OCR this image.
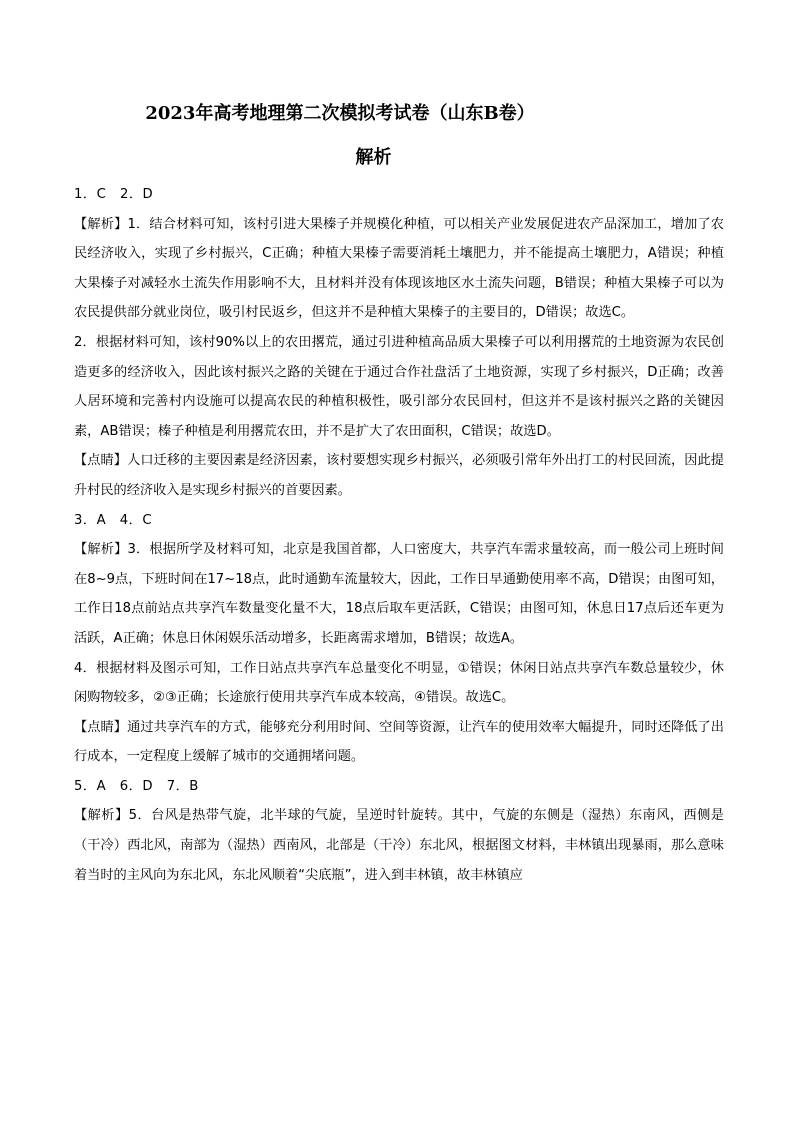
2023年高考地理第二次模拟考试卷（山东B卷）
解析

1．C　2．D

【解析】1．结合材料可知，该村引进大果榛子并规模化种植，可以相关产业发展促进农产品深加工，增加了农民经济收入，实现了乡村振兴，C正确；种植大果榛子需要消耗土壤肥力，并不能提高土壤肥力，A错误；种植大果榛子对减轻水土流失作用影响不大，且材料并没有体现该地区水土流失问题，B错误；种植大果榛子可以为农民提供部分就业岗位，吸引村民返乡，但这并不是种植大果榛子的主要目的，D错误；故选C。

2．根据材料可知，该村90%以上的农田撂荒，通过引进种植高品质大果榛子可以利用撂荒的土地资源为农民创造更多的经济收入，因此该村振兴之路的关键在于通过合作社盘活了土地资源，实现了乡村振兴，D正确；改善人居环境和完善村内设施可以提高农民的种植积极性，吸引部分农民回村，但这并不是该村振兴之路的关键因素，AB错误；榛子种植是利用撂荒农田，并不是扩大了农田面积，C错误；故选D。

【点睛】人口迁移的主要因素是经济因素，该村要想实现乡村振兴，必须吸引常年外出打工的村民回流，因此提升村民的经济收入是实现乡村振兴的首要因素。

3．A　4．C

【解析】3．根据所学及材料可知，北京是我国首都，人口密度大，共享汽车需求量较高，而一般公司上班时间在8~9点，下班时间在17~18点，此时通勤车流量较大，因此，工作日早通勤使用率不高，D错误；由图可知，工作日18点前站点共享汽车数量变化量不大，18点后取车更活跃，C错误；由图可知，休息日17点后还车更为活跃，A正确；休息日休闲娱乐活动增多，长距离需求增加，B错误；故选A。

4．根据材料及图示可知，工作日站点共享汽车总量变化不明显，①错误；休闲日站点共享汽车数总量较少，休闲购物较多，②③正确；长途旅行使用共享汽车成本较高，④错误。故选C。

【点睛】通过共享汽车的方式，能够充分利用时间、空间等资源，让汽车的使用效率大幅提升，同时还降低了出行成本，一定程度上缓解了城市的交通拥堵问题。

5．A　6．D　7．B

【解析】5．台风是热带气旋，北半球的气旋，呈逆时针旋转。其中，气旋的东侧是（湿热）东南风，西侧是（干冷）西北风，南部为（湿热）西南风，北部是（干冷）东北风，根据图文材料，丰林镇出现暴雨，那么意味着当时的主风向为东北风，东北风顺着“尖底瓶”，进入到丰林镇，故丰林镇应
